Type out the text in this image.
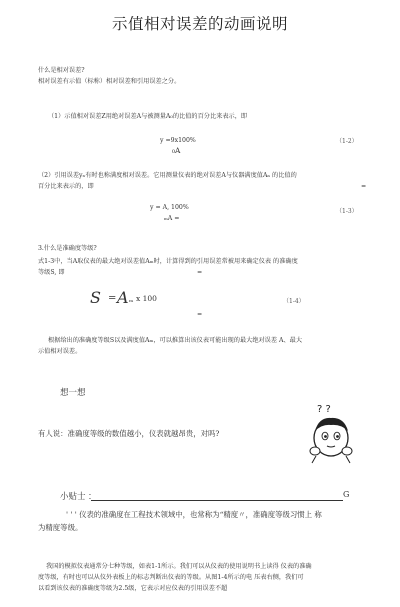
示值相对误差的动画说明
什么是相对误差?
相对误差有示值（标称）相对误差和引用误差之分。
（1）示值相对误差Z用绝对误差A与被测量A₀的比值的百分比来表示，即
y =9x100%
₀A
（1-2）
（2）引用误差yₙ有时也称满度相对误差。它用测量仪表的绝对误差A与仪器满度值Aₙ 的比值的
百分比来表示的，即	=
y = A, 100%
ₘA =
（1-3）
3.什么是准确度等级?
式1-3中，当A取仪表的最大绝对误差值Aₘ时，计算得到的引用误差常被用来确定仪表 的准确度
等级S, 即	=
S = A ₘ x 100	（1-4）
=
根据给出的准确度等级S以及满度值Aₘ，可以推算出该仪表可能出现的最大绝对误差 A、最大
示值相对误差。
想一想
有人说：准确度等级的数值越小，仪表就越昂贵，对吗?
? ?
小贴士 ：	G
' ' ' 仪表的准确度在工程技术领域中，也常称为“精度〃，准确度等级习惯上 称
为精度等级。
我国的模拟仪表通常分七种等级，如表1-1所示。我们可以从仪表的使用说明书上读得 仪表的准确
度等级，有时也可以从仪外表板上的标志判断出仪表的等级。从图1-4所示的电 压表右侧，我们可
以看到该仪表的准确度等级为2.5级，它表示对应仪表的引用误差不超
